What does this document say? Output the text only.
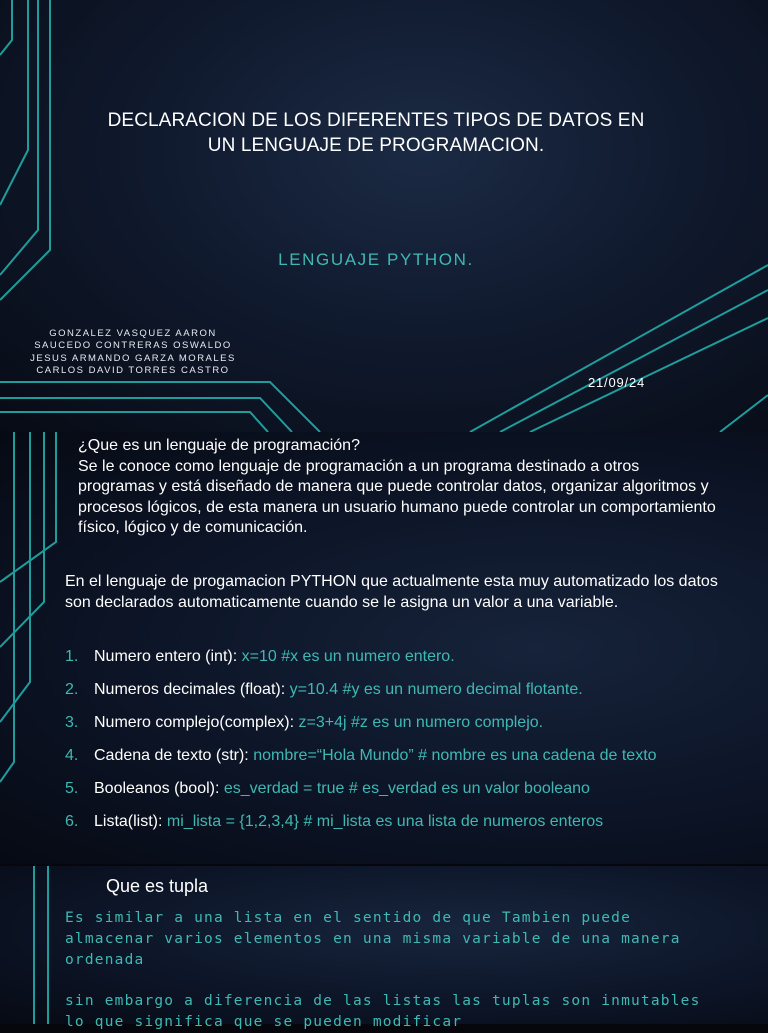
DECLARACION DE LOS DIFERENTES TIPOS DE DATOS EN
UN LENGUAJE DE PROGRAMACION.
LENGUAJE PYTHON.
GONZALEZ VASQUEZ AARON
SAUCEDO CONTRERAS OSWALDO
JESUS ARMANDO GARZA MORALES
CARLOS DAVID TORRES CASTRO
21/09/24
¿Que es un lenguaje de programación?
Se le conoce como lenguaje de programación a un programa destinado a otros programas y está diseñado de manera que puede controlar datos, organizar algoritmos y procesos lógicos, de esta manera un usuario humano puede controlar un comportamiento físico, lógico y de comunicación.
En el lenguaje de progamacion PYTHON que actualmente esta muy automatizado los datos son declarados automaticamente cuando se le asigna un valor a una variable.
1. Numero entero (int): x=10 #x es un numero entero.
2. Numeros decimales (float): y=10.4 #y es un numero decimal flotante.
3. Numero complejo(complex): z=3+4j #z es un numero complejo.
4. Cadena de texto (str): nombre=“Hola Mundo” # nombre es una cadena de texto
5. Booleanos (bool): es_verdad = true # es_verdad es un valor booleano
6. Lista(list): mi_lista = {1,2,3,4} # mi_lista es una lista de numeros enteros
Que es tupla

Es similar a una lista en el sentido de que Tambien puede almacenar varios elementos en una misma variable de una manera ordenada

sin embargo a diferencia de las listas las tuplas son inmutables lo que significa que se pueden modificar
